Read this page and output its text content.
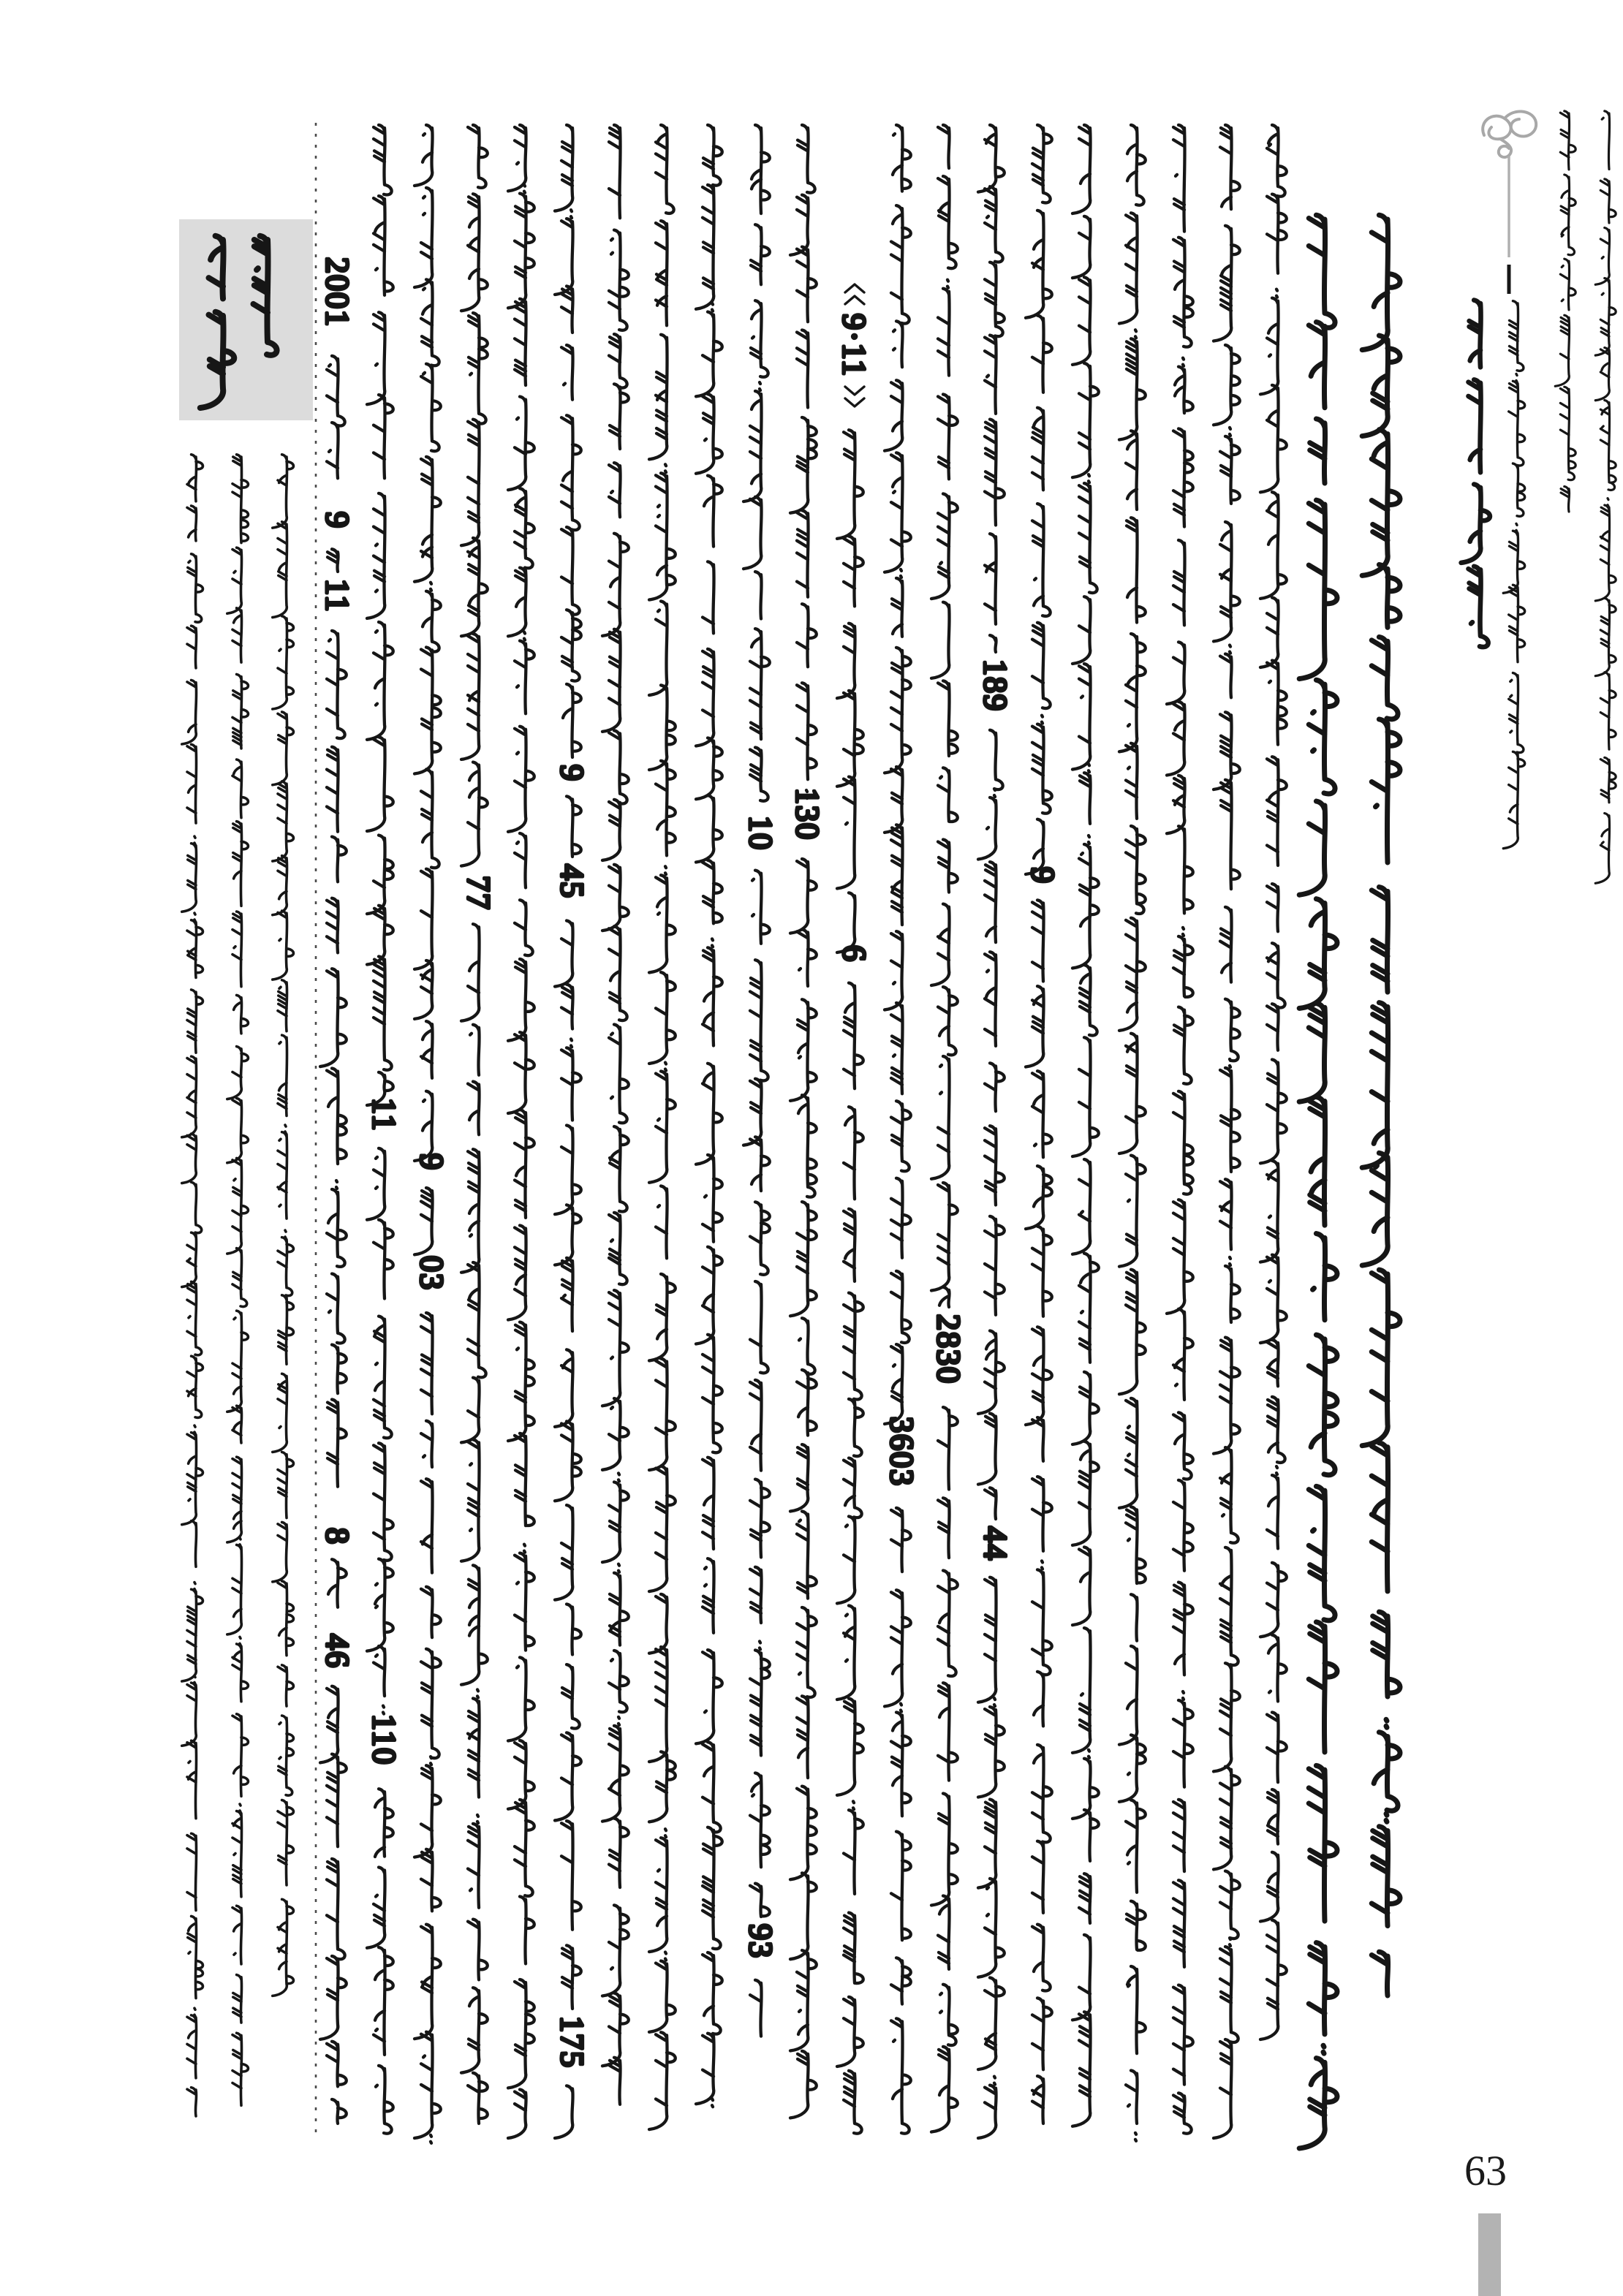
2001
9
11
8
46
11
110
9
03
77
9
45
175
10
93
130
9·11
6
3603
2830
189
44
9
63
